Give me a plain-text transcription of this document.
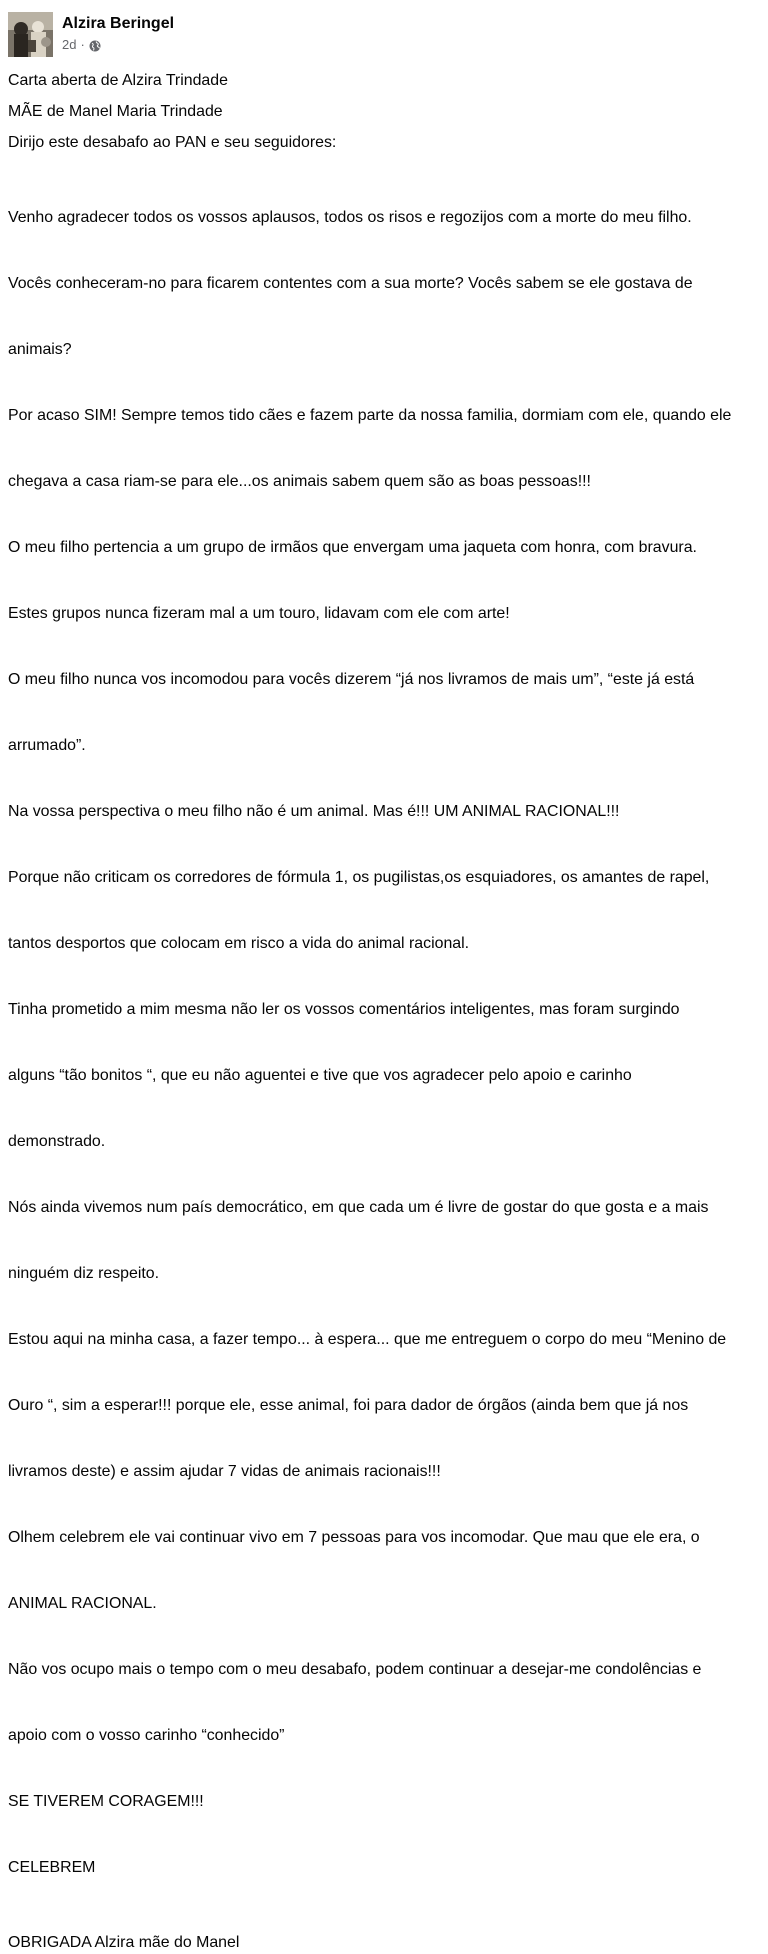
Alzira Beringel
2d ·
Carta aberta de Alzira Trindade
MÃE de Manel Maria Trindade
Dirijo este desabafo ao PAN e seu seguidores:

Venho agradecer todos os vossos aplausos, todos os risos e regozijos com a morte do meu filho.

Vocês conheceram-no para ficarem contentes com a sua morte? Vocês sabem se ele gostava de

animais?

Por acaso SIM! Sempre temos tido cães e fazem parte da nossa familia, dormiam com ele, quando ele

chegava a casa riam-se para ele...os animais sabem quem são as boas pessoas!!!

O meu filho pertencia a um grupo de irmãos que envergam uma jaqueta com honra, com bravura.

Estes grupos nunca fizeram mal a um touro, lidavam com ele com arte!

O meu filho nunca vos incomodou para vocês dizerem “já nos livramos de mais um”, “este já está

arrumado”.

Na vossa perspectiva o meu filho não é um animal. Mas é!!! UM ANIMAL RACIONAL!!!

Porque não criticam os corredores de fórmula 1, os pugilistas,os esquiadores, os amantes de rapel,

tantos desportos que colocam em risco a vida do animal racional.

Tinha prometido a mim mesma não ler os vossos comentários inteligentes, mas foram surgindo

alguns “tão bonitos “, que eu não aguentei e tive que vos agradecer pelo apoio e carinho

demonstrado.

Nós ainda vivemos num país democrático, em que cada um é livre de gostar do que gosta e a mais

ninguém diz respeito.

Estou aqui na minha casa, a fazer tempo... à espera... que me entreguem o corpo do meu “Menino de

Ouro “, sim a esperar!!! porque ele, esse animal, foi para dador de órgãos (ainda bem que já nos

livramos deste) e assim ajudar 7 vidas de animais racionais!!!

Olhem celebrem ele vai continuar vivo em 7 pessoas para vos incomodar. Que mau que ele era, o

ANIMAL RACIONAL.

Não vos ocupo mais o tempo com o meu desabafo, podem continuar a desejar-me condolências e

apoio com o vosso carinho “conhecido”

SE TIVEREM CORAGEM!!!

CELEBREM

OBRIGADA Alzira mãe do Manel
